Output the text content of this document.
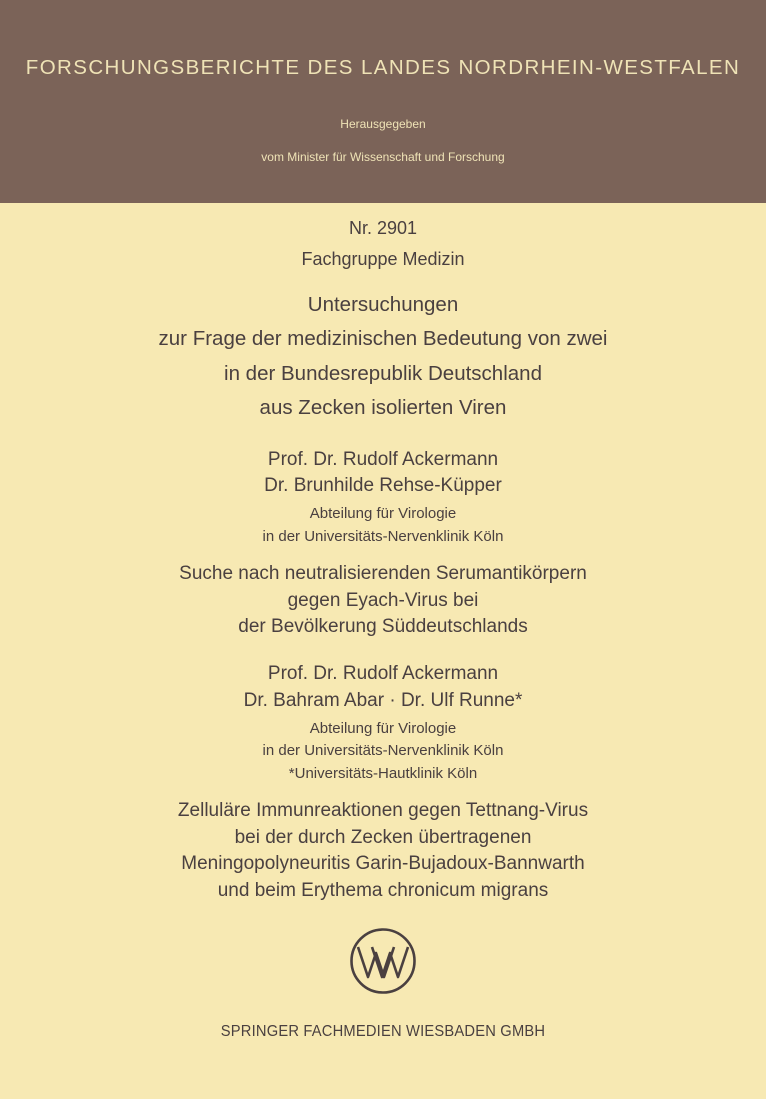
FORSCHUNGSBERICHTE DES LANDES NORDRHEIN-WESTFALEN
Herausgegeben
vom Minister für Wissenschaft und Forschung
Nr. 2901
Fachgruppe Medizin
Untersuchungen
zur Frage der medizinischen Bedeutung von zwei
in der Bundesrepublik Deutschland
aus Zecken isolierten Viren
Prof. Dr. Rudolf Ackermann
Dr. Brunhilde Rehse-Küpper
Abteilung für Virologie
in der Universitäts-Nervenklinik Köln
Suche nach neutralisierenden Serumantikörpern
gegen Eyach-Virus bei
der Bevölkerung Süddeutschlands
Prof. Dr. Rudolf Ackermann
Dr. Bahram Abar · Dr. Ulf Runne*
Abteilung für Virologie
in der Universitäts-Nervenklinik Köln
*Universitäts-Hautklinik Köln
Zelluläre Immunreaktionen gegen Tettnang-Virus
bei der durch Zecken übertragenen
Meningopolyneuritis Garin-Bujadoux-Bannwarth
und beim Erythema chronicum migrans
SPRINGER FACHMEDIEN WIESBADEN GMBH
